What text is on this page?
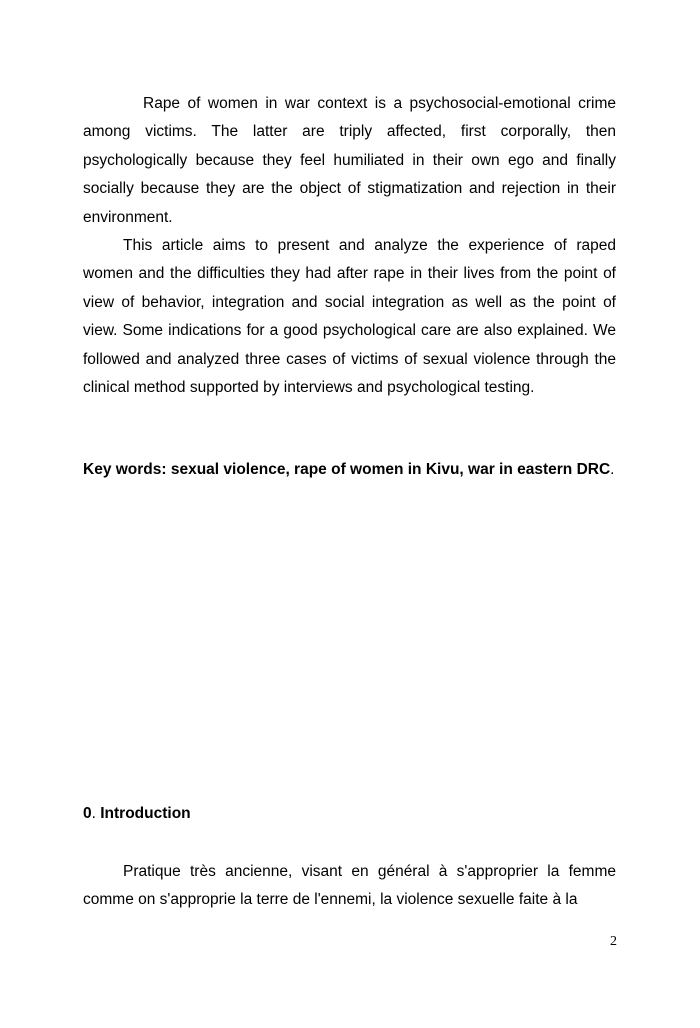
Rape of women in war context is a psychosocial-emotional crime among victims. The latter are triply affected, first corporally, then psychologically because they feel humiliated in their own ego and finally socially because they are the object of stigmatization and rejection in their environment.

This article aims to present and analyze the experience of raped women and the difficulties they had after rape in their lives from the point of view of behavior, integration and social integration as well as the point of view. Some indications for a good psychological care are also explained. We followed and analyzed three cases of victims of sexual violence through the clinical method supported by interviews and psychological testing.

Key words: sexual violence, rape of women in Kivu, war in eastern DRC.

0. Introduction

Pratique très ancienne, visant en général à s'approprier la femme comme on s'approprie la terre de l'ennemi, la violence sexuelle faite à la

2
